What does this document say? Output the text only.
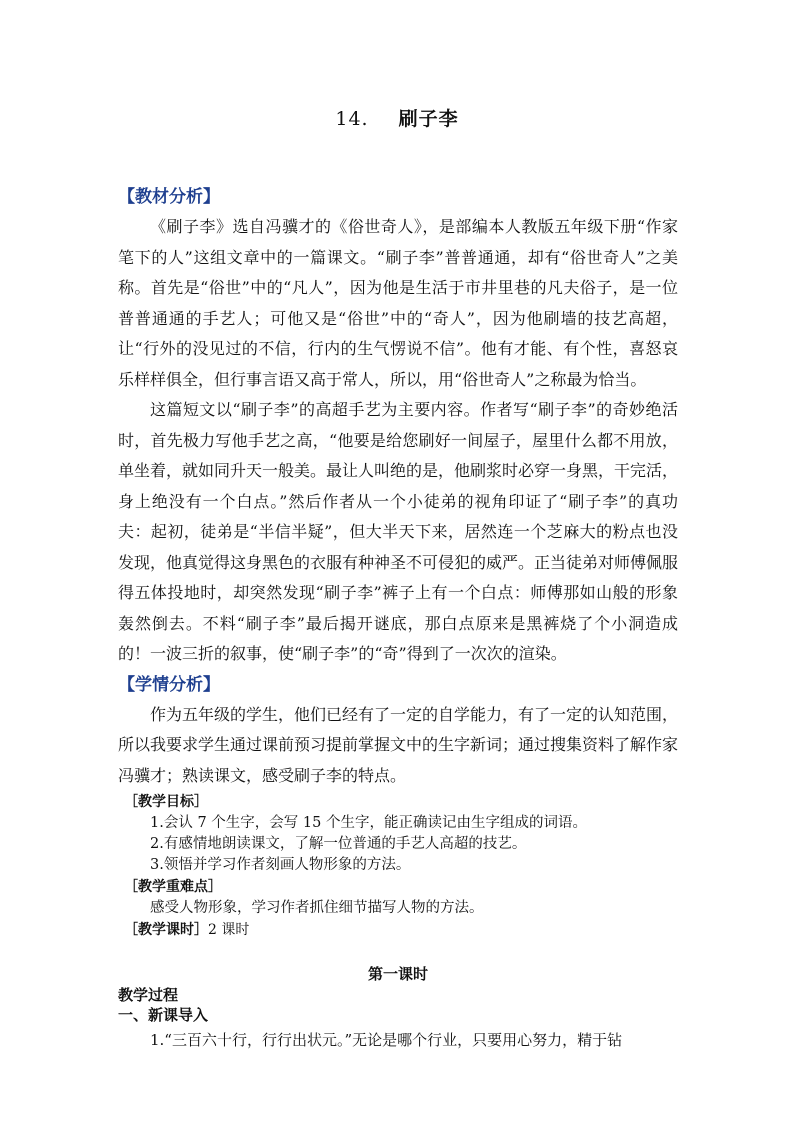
14. 刷子李

【教材分析】

《刷子李》选自冯骥才的《俗世奇人》，是部编本人教版五年级下册“作家笔下的人”这组文章中的一篇课文。“刷子李”普普通通，却有“俗世奇人”之美称。首先是“俗世”中的“凡人”，因为他是生活于市井里巷的凡夫俗子，是一位普普通通的手艺人；可他又是“俗世”中的“奇人”，因为他刷墙的技艺高超，让“行外的没见过的不信，行内的生气愣说不信”。他有才能、有个性，喜怒哀乐样样俱全，但行事言语又高于常人，所以，用“俗世奇人”之称最为恰当。

这篇短文以“刷子李”的高超手艺为主要内容。作者写“刷子李”的奇妙绝活时，首先极力写他手艺之高，“他要是给您刷好一间屋子，屋里什么都不用放，单坐着，就如同升天一般美。最让人叫绝的是，他刷浆时必穿一身黑，干完活，身上绝没有一个白点。”然后作者从一个小徒弟的视角印证了“刷子李”的真功夫：起初，徒弟是“半信半疑”，但大半天下来，居然连一个芝麻大的粉点也没发现，他真觉得这身黑色的衣服有种神圣不可侵犯的威严。正当徒弟对师傅佩服得五体投地时，却突然发现“刷子李”裤子上有一个白点：师傅那如山般的形象轰然倒去。不料“刷子李”最后揭开谜底，那白点原来是黑裤烧了个小洞造成的！一波三折的叙事，使“刷子李”的“奇”得到了一次次的渲染。

【学情分析】

作为五年级的学生，他们已经有了一定的自学能力，有了一定的认知范围，所以我要求学生通过课前预习提前掌握文中的生字新词；通过搜集资料了解作家冯骥才；熟读课文，感受刷子李的特点。

［教学目标］

1.会认 7 个生字，会写 15 个生字，能正确读记由生字组成的词语。

2.有感情地朗读课文，了解一位普通的手艺人高超的技艺。

3.领悟并学习作者刻画人物形象的方法。

［教学重难点］

感受人物形象，学习作者抓住细节描写人物的方法。

［教学课时］2 课时

第一课时

教学过程

一、新课导入

1.“三百六十行，行行出状元。”无论是哪个行业，只要用心努力，精于钻
